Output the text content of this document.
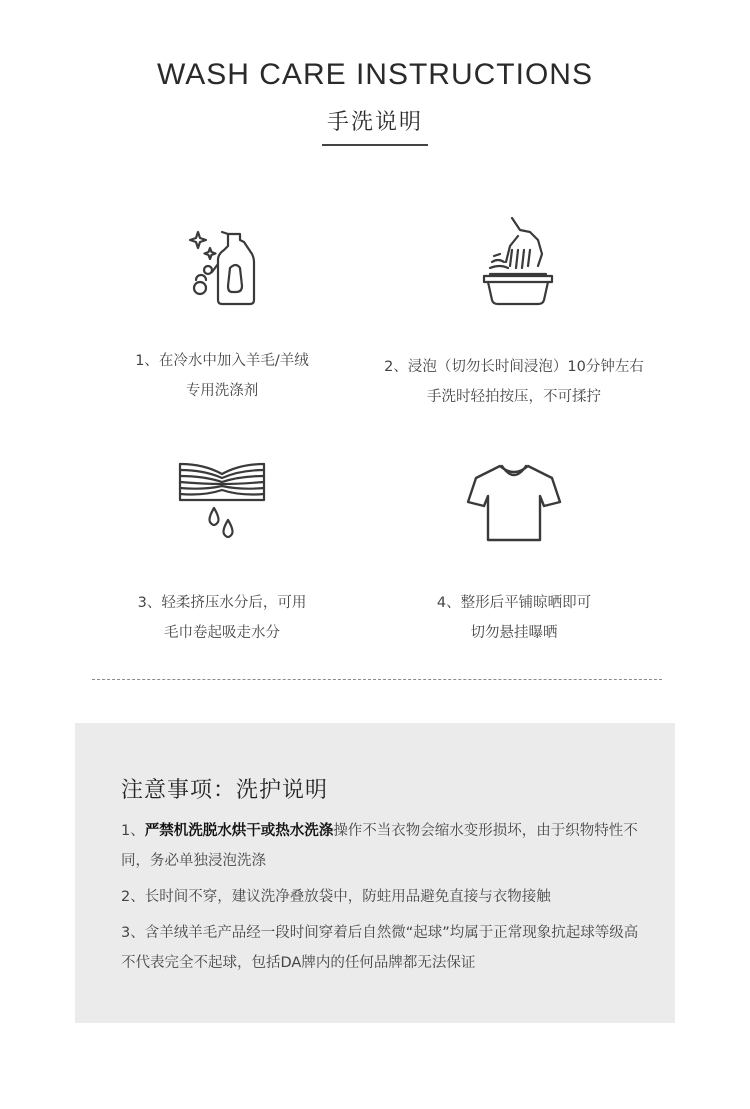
WASH CARE INSTRUCTIONS
手洗说明
1、在冷水中加入羊毛/羊绒
专用洗涤剂
2、浸泡（切勿长时间浸泡）10分钟左右
手洗时轻拍按压，不可揉拧
3、轻柔挤压水分后，可用
毛巾卷起吸走水分
4、整形后平铺晾晒即可
切勿悬挂曝晒
注意事项：洗护说明
1、严禁机洗脱水烘干或热水洗涤操作不当衣物会缩水变形损坏，由于织物特性不同，务必单独浸泡洗涤
2、长时间不穿，建议洗净叠放袋中，防蛀用品避免直接与衣物接触
3、含羊绒羊毛产品经一段时间穿着后自然微“起球”均属于正常现象抗起球等级高不代表完全不起球，包括DA牌内的任何品牌都无法保证
